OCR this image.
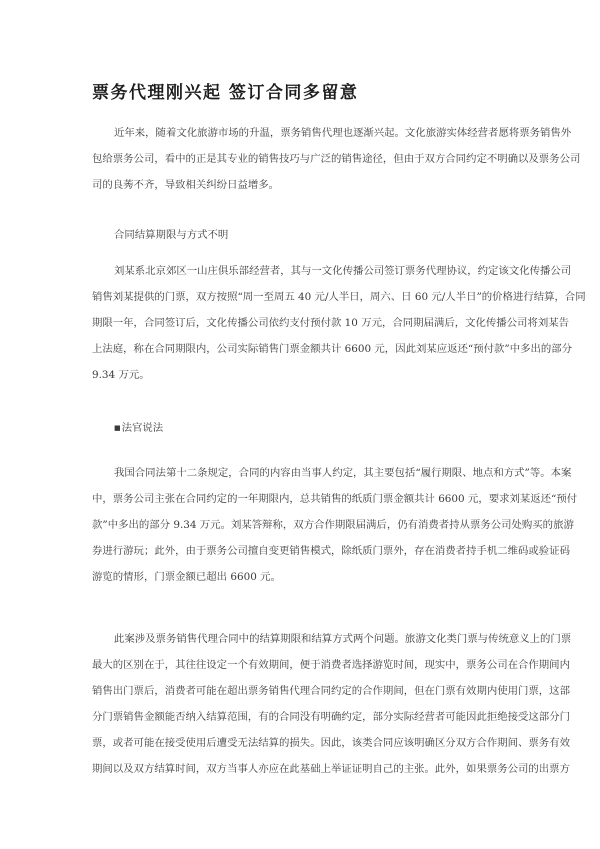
票务代理刚兴起 签订合同多留意
近年来，随着文化旅游市场的升温，票务销售代理也逐渐兴起。文化旅游实体经营者愿将票务销售外
包给票务公司，看中的正是其专业的销售技巧与广泛的销售途径，但由于双方合同约定不明确以及票务公司
司的良莠不齐，导致相关纠纷日益增多。
合同结算期限与方式不明
刘某系北京郊区一山庄俱乐部经营者，其与一文化传播公司签订票务代理协议，约定该文化传播公司
销售刘某提供的门票，双方按照“周一至周五 40 元/人半日，周六、日 60 元/人半日”的价格进行结算，合同
期限一年，合同签订后，文化传播公司依约支付预付款 10 万元，合同期届满后，文化传播公司将刘某告
上法庭，称在合同期限内，公司实际销售门票金额共计 6600 元，因此刘某应返还“预付款”中多出的部分
9.34 万元。
■法官说法
我国合同法第十二条规定，合同的内容由当事人约定，其主要包括“履行期限、地点和方式”等。本案
中，票务公司主张在合同约定的一年期限内，总共销售的纸质门票金额共计 6600 元，要求刘某返还“预付
款”中多出的部分 9.34 万元。刘某答辩称，双方合作期限届满后，仍有消费者持从票务公司处购买的旅游
券进行游玩；此外，由于票务公司擅自变更销售模式，除纸质门票外，存在消费者持手机二维码或验证码
游览的情形，门票金额已超出 6600 元。
此案涉及票务销售代理合同中的结算期限和结算方式两个问题。旅游文化类门票与传统意义上的门票
最大的区别在于，其往往设定一个有效期间，便于消费者选择游览时间，现实中，票务公司在合作期间内
销售出门票后，消费者可能在超出票务销售代理合同约定的合作期间，但在门票有效期内使用门票，这部
分门票销售金额能否纳入结算范围，有的合同没有明确约定，部分实际经营者可能因此拒绝接受这部分门
票，或者可能在接受使用后遭受无法结算的损失。因此，该类合同应该明确区分双方合作期间、票务有效
期间以及双方结算时间，双方当事人亦应在此基础上举证证明自己的主张。此外，如果票务公司的出票方
